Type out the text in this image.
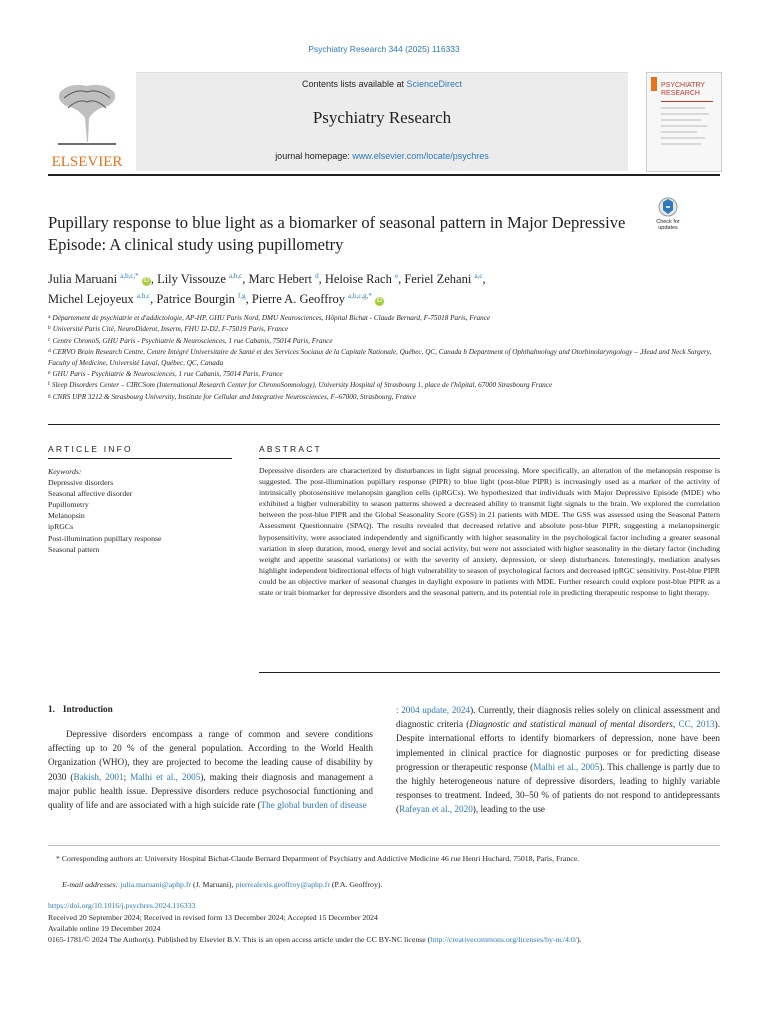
Psychiatry Research 344 (2025) 116333
ELSEVIER
Contents lists available at ScienceDirect
Psychiatry Research
journal homepage: www.elsevier.com/locate/psychres
PSYCHIATRY
RESEARCH
Pupillary response to blue light as a biomarker of seasonal pattern in Major Depressive Episode: A clinical study using pupillometry
Check for
updates
Julia Maruani $^{a,b,c,*}$ iD , Lily Vissouze $^{a,b,c}$, Marc Hebert $^d$, Heloise Rach $^e$, Feriel Zehani $^{a,c}$,
Michel Lejoyeux $^{a,b,c}$, Patrice Bourgin $^{f,g}$, Pierre A. Geoffroy $^{a,b,c,g,*}$ iD
$^a$ Département de psychiatrie et d'addictologie, AP-HP, GHU Paris Nord, DMU Neurosciences, Hôpital Bichat - Claude Bernard, F-75018 Paris, France
$^b$ Université Paris Cité, NeuroDiderot, Inserm, FHU I2-D2, F-75019 Paris, France
$^c$ Centre ChronoS, GHU Paris - Psychiatrie & Neurosciences, 1 rue Cabanis, 75014 Paris, France
$^d$ CERVO Brain Research Centre, Centre Intégré Universitaire de Santé et des Services Sociaux de la Capitale Nationale, Québec, QC, Canada b Department of Ophthalmology and Otorhinolaryngology – ,Head and Neck Surgery, Faculty of Medicine, Université Laval, Québec, QC, Canada
$^e$ GHU Paris - Psychiatrie & Neurosciences, 1 rue Cabanis, 75014 Paris, France
$^f$ Sleep Disorders Center – CIRCSom (International Research Center for ChronoSomnology), University Hospital of Strasbourg 1, place de l'hôpital, 67000 Strasbourg France
$^g$ CNRS UPR 3212 & Strasbourg University, Institute for Cellular and Integrative Neurosciences, F–67000, Strasbourg, France
ARTICLE INFO	ABSTRACT
Keywords:
Depressive disorders
Seasonal affective disorder
Pupillometry
Melanopsin
ipRGCs
Post-illumination pupillary response
Seasonal pattern
Depressive disorders are characterized by disturbances in light signal processing. More specifically, an alteration of the melanopsin response is suggested. The post-illumination pupillary response (PIPR) to blue light (post-blue PIPR) is increasingly used as a marker of the activity of intrinsically photosensitive melanopsin ganglion cells (ipRGCs). We hypothesized that individuals with Major Depressive Episode (MDE) who exhibited a higher vulnerability to season patterns showed a decreased ability to transmit light signals to the brain. We explored the correlation between the post-blue PIPR and the Global Seasonality Score (GSS) in 21 patients with MDE. The GSS was assessed using the Seasonal Pattern Assessment Questionnaire (SPAQ). The results revealed that decreased relative and absolute post-blue PIPR, suggesting a melanopsinergic hyposensitivity, were associated independently and significantly with higher seasonality in the psychological factor including a greater seasonal variation in sleep duration, mood, energy level and social activity, but were not associated with higher seasonality in the dietary factor (including weight and appetite seasonal variations) or with the severity of anxiety, depression, or sleep disturbances. Interestingly, mediation analyses highlight independent bidirectional effects of high vulnerability to season of psychological factors and decreased ipRGC sensitivity. Post-blue PIPR could be an objective marker of seasonal changes in daylight exposure in patients with MDE. Further research could explore post-blue PIPR as a state or trait biomarker for depressive disorders and the seasonal pattern, and its potential role in predicting therapeutic response to light therapy.
1. Introduction
Depressive disorders encompass a range of common and severe conditions affecting up to 20 % of the general population. According to the World Health Organization (WHO), they are projected to become the leading cause of disability by 2030 (Bakish, 2001; Malhi et al., 2005), making their diagnosis and management a major public health issue. Depressive disorders reduce psychosocial functioning and quality of life and are associated with a high suicide rate (The global burden of disease
: 2004 update, 2024). Currently, their diagnosis relies solely on clinical assessment and diagnostic criteria (Diagnostic and statistical manual of mental disorders, CC, 2013). Despite international efforts to identify biomarkers of depression, none have been implemented in clinical practice for diagnostic purposes or for predicting disease progression or therapeutic response (Malhi et al., 2005). This challenge is partly due to the highly heterogeneous nature of depressive disorders, leading to highly variable responses to treatment. Indeed, 30–50 % of patients do not respond to antidepressants (Rafeyan et al., 2020), leading to the use
* Corresponding authors at: University Hospital Bichat-Claude Bernard Department of Psychiatry and Addictive Medicine 46 rue Henri Huchard, 75018, Paris, France.
E-mail addresses: julia.maruani@aphp.fr (J. Maruani), pierrealexis.geoffroy@aphp.fr (P.A. Geoffroy).
https://doi.org/10.1016/j.psychres.2024.116333
Received 20 September 2024; Received in revised form 13 December 2024; Accepted 15 December 2024
Available online 19 December 2024
0165-1781/© 2024 The Author(s). Published by Elsevier B.V. This is an open access article under the CC BY-NC license (http://creativecommons.org/licenses/by-nc/4.0/).
